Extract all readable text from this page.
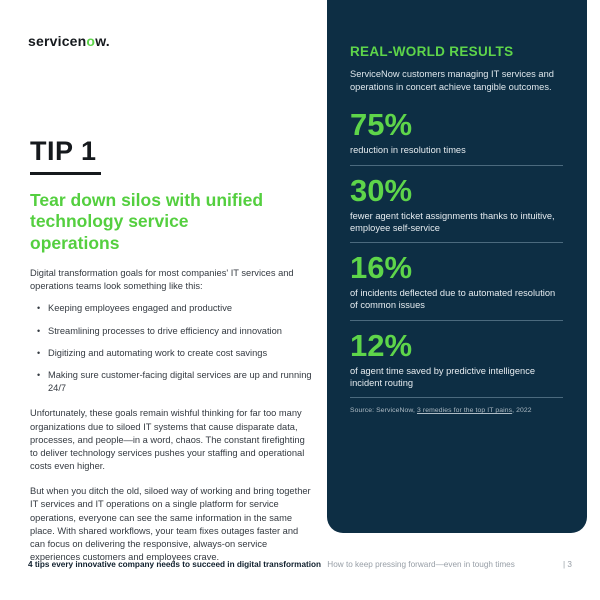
servicenow.
TIP 1
Tear down silos with unified technology service operations
Digital transformation goals for most companies' IT services and operations teams look something like this:
• Keeping employees engaged and productive
• Streamlining processes to drive efficiency and innovation
• Digitizing and automating work to create cost savings
• Making sure customer-facing digital services are up and running 24/7
Unfortunately, these goals remain wishful thinking for far too many organizations due to siloed IT systems that cause disparate data, processes, and people—in a word, chaos. The constant firefighting to deliver technology services pushes your staffing and operational costs even higher.
But when you ditch the old, siloed way of working and bring together IT services and IT operations on a single platform for service operations, everyone can see the same information in the same place. With shared workflows, your team fixes outages faster and can focus on delivering the responsive, always-on service experiences customers and employees crave.
REAL-WORLD RESULTS
ServiceNow customers managing IT services and operations in concert achieve tangible outcomes.
75%
reduction in resolution times
30%
fewer agent ticket assignments thanks to intuitive, employee self-service
16%
of incidents deflected due to automated resolution of common issues
12%
of agent time saved by predictive intelligence incident routing
Source: ServiceNow, 3 remedies for the top IT pains, 2022
4 tips every innovative company needs to succeed in digital transformation How to keep pressing forward—even in tough times	| 3
